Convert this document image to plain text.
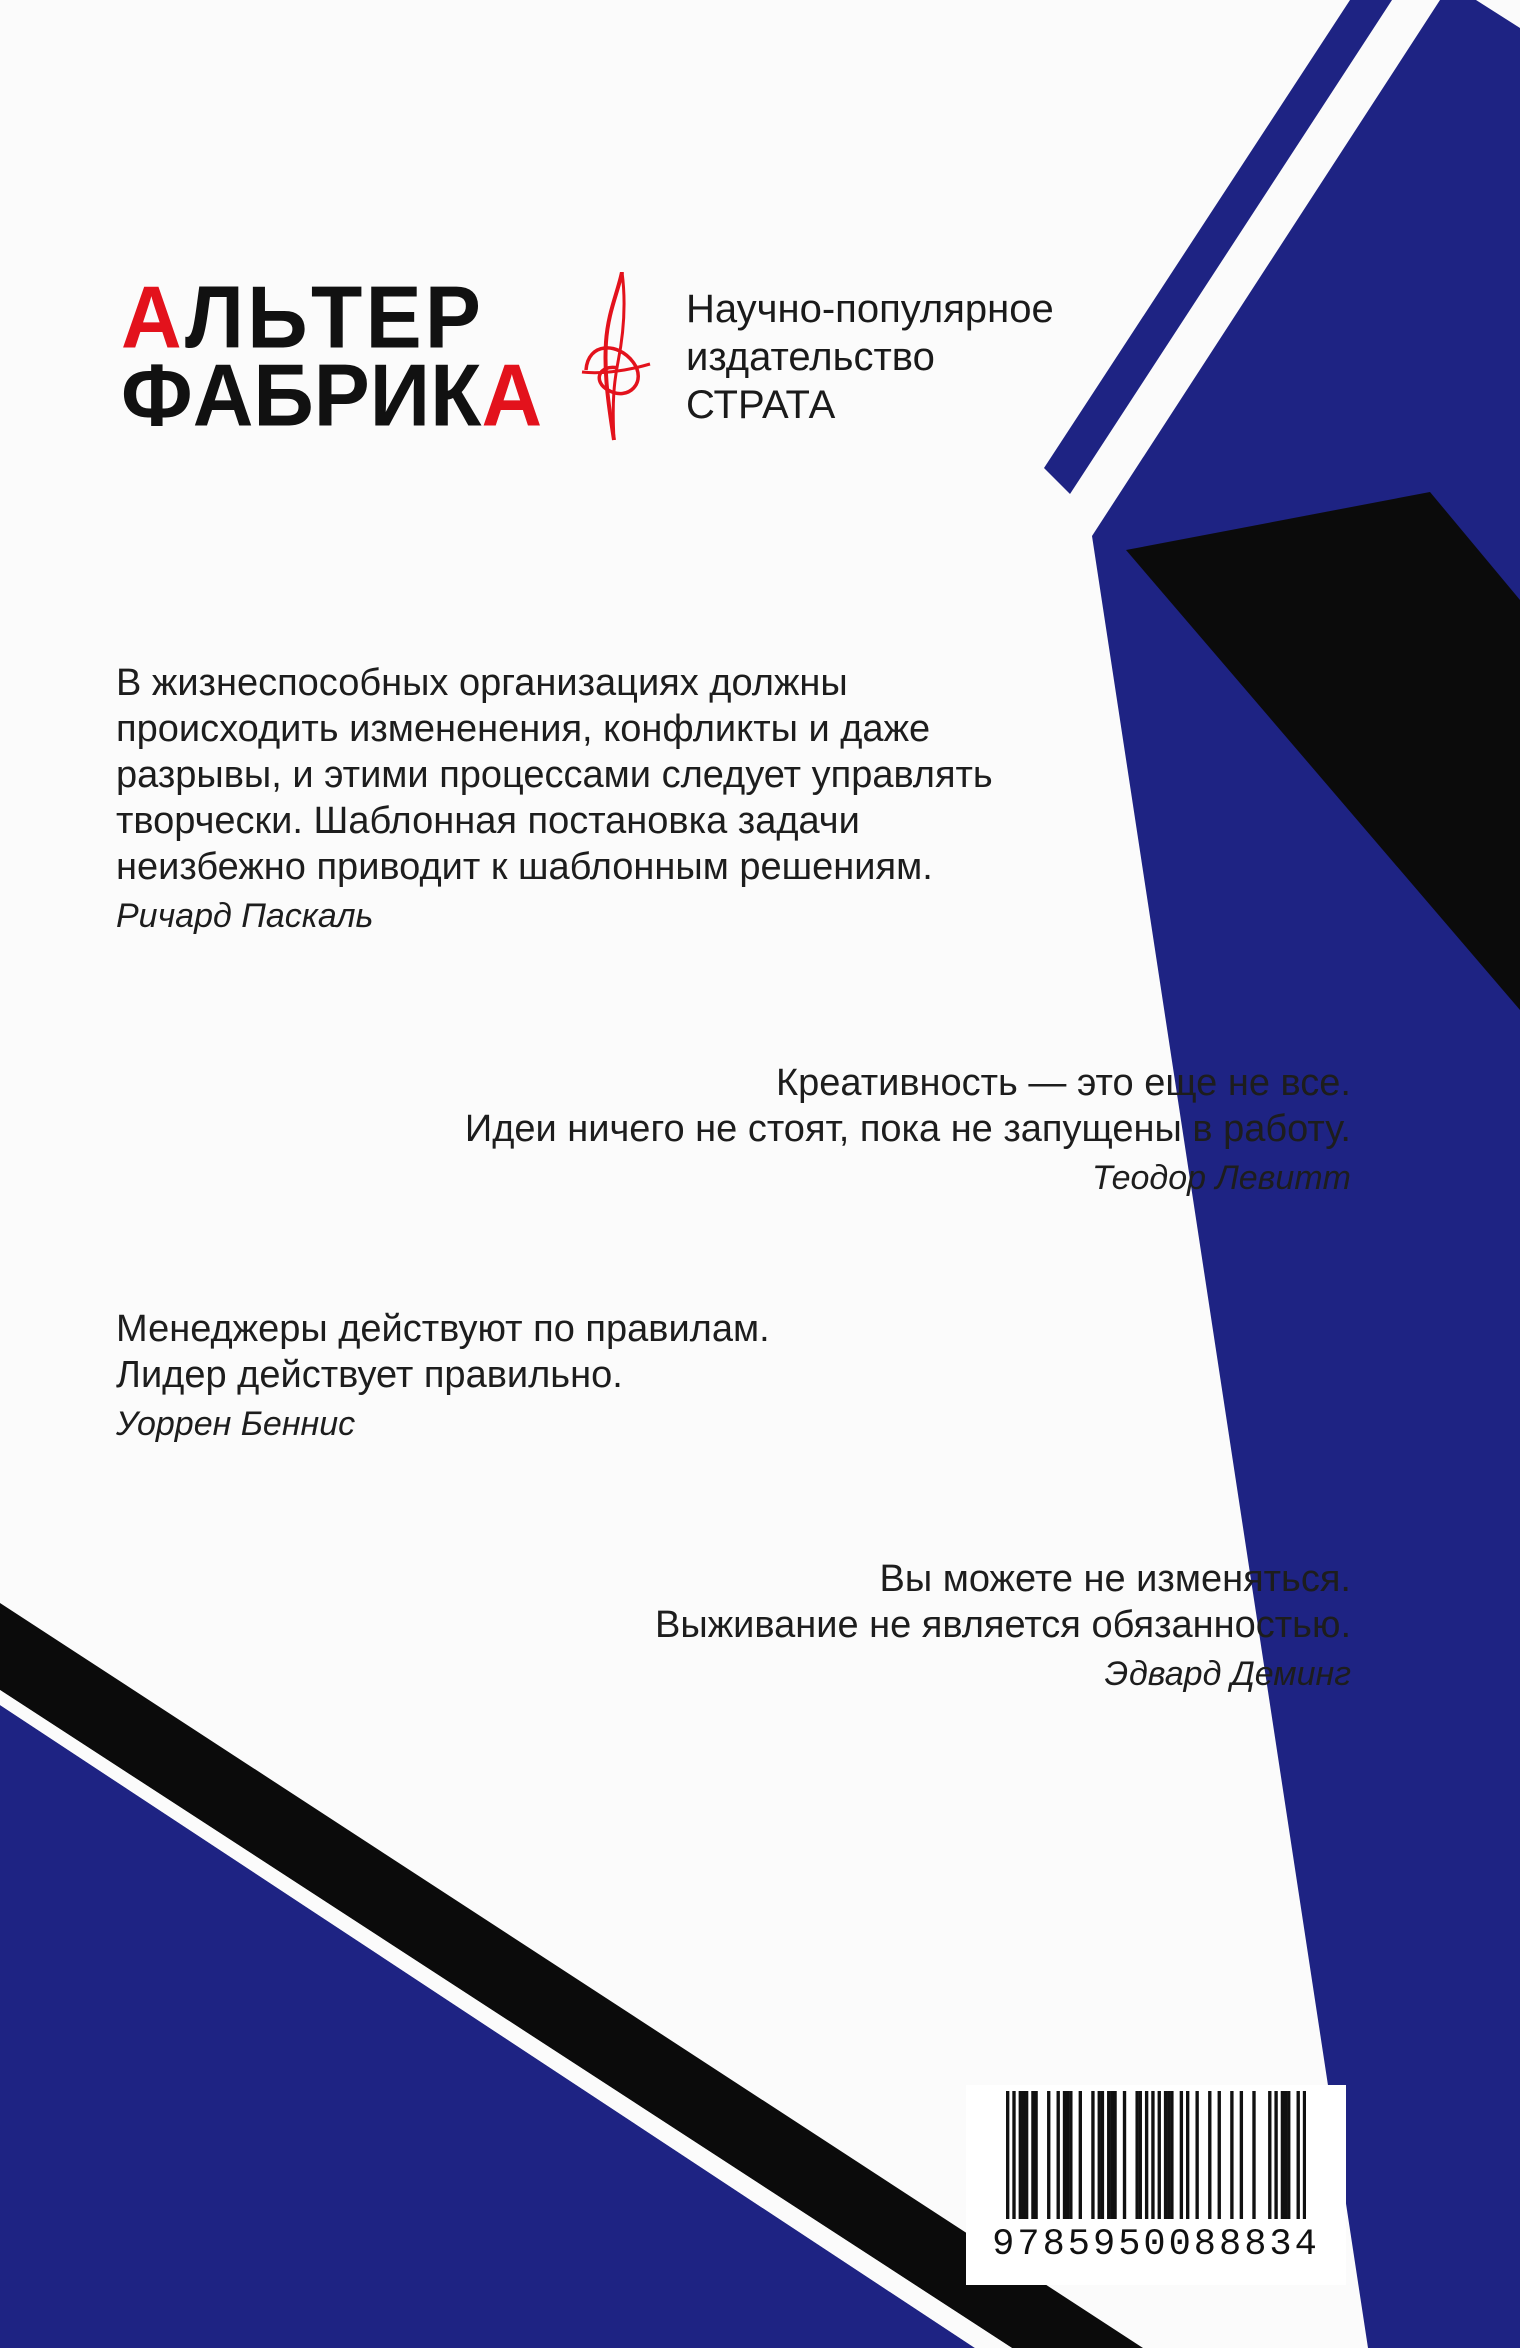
А Л Ь Т Е Р
Ф А Б Р И К А
Научно-популярное
издательство
СТРАТА
В жизнеспособных организациях должны
происходить измененения, конфликты и даже
разрывы, и этими процессами следует управлять
творчески. Шаблонная постановка задачи
неизбежно приводит к шаблонным решениям.
Ричард Паскаль
Креативность — это еще не все.
Идеи ничего не стоят, пока не запущены в работу.
Теодор Левитт
Менеджеры действуют по правилам.
Лидер действует правильно.
Уоррен Беннис
Вы можете не изменяться.
Выживание не является обязанностью.
Эдвард Деминг
9785950088834
